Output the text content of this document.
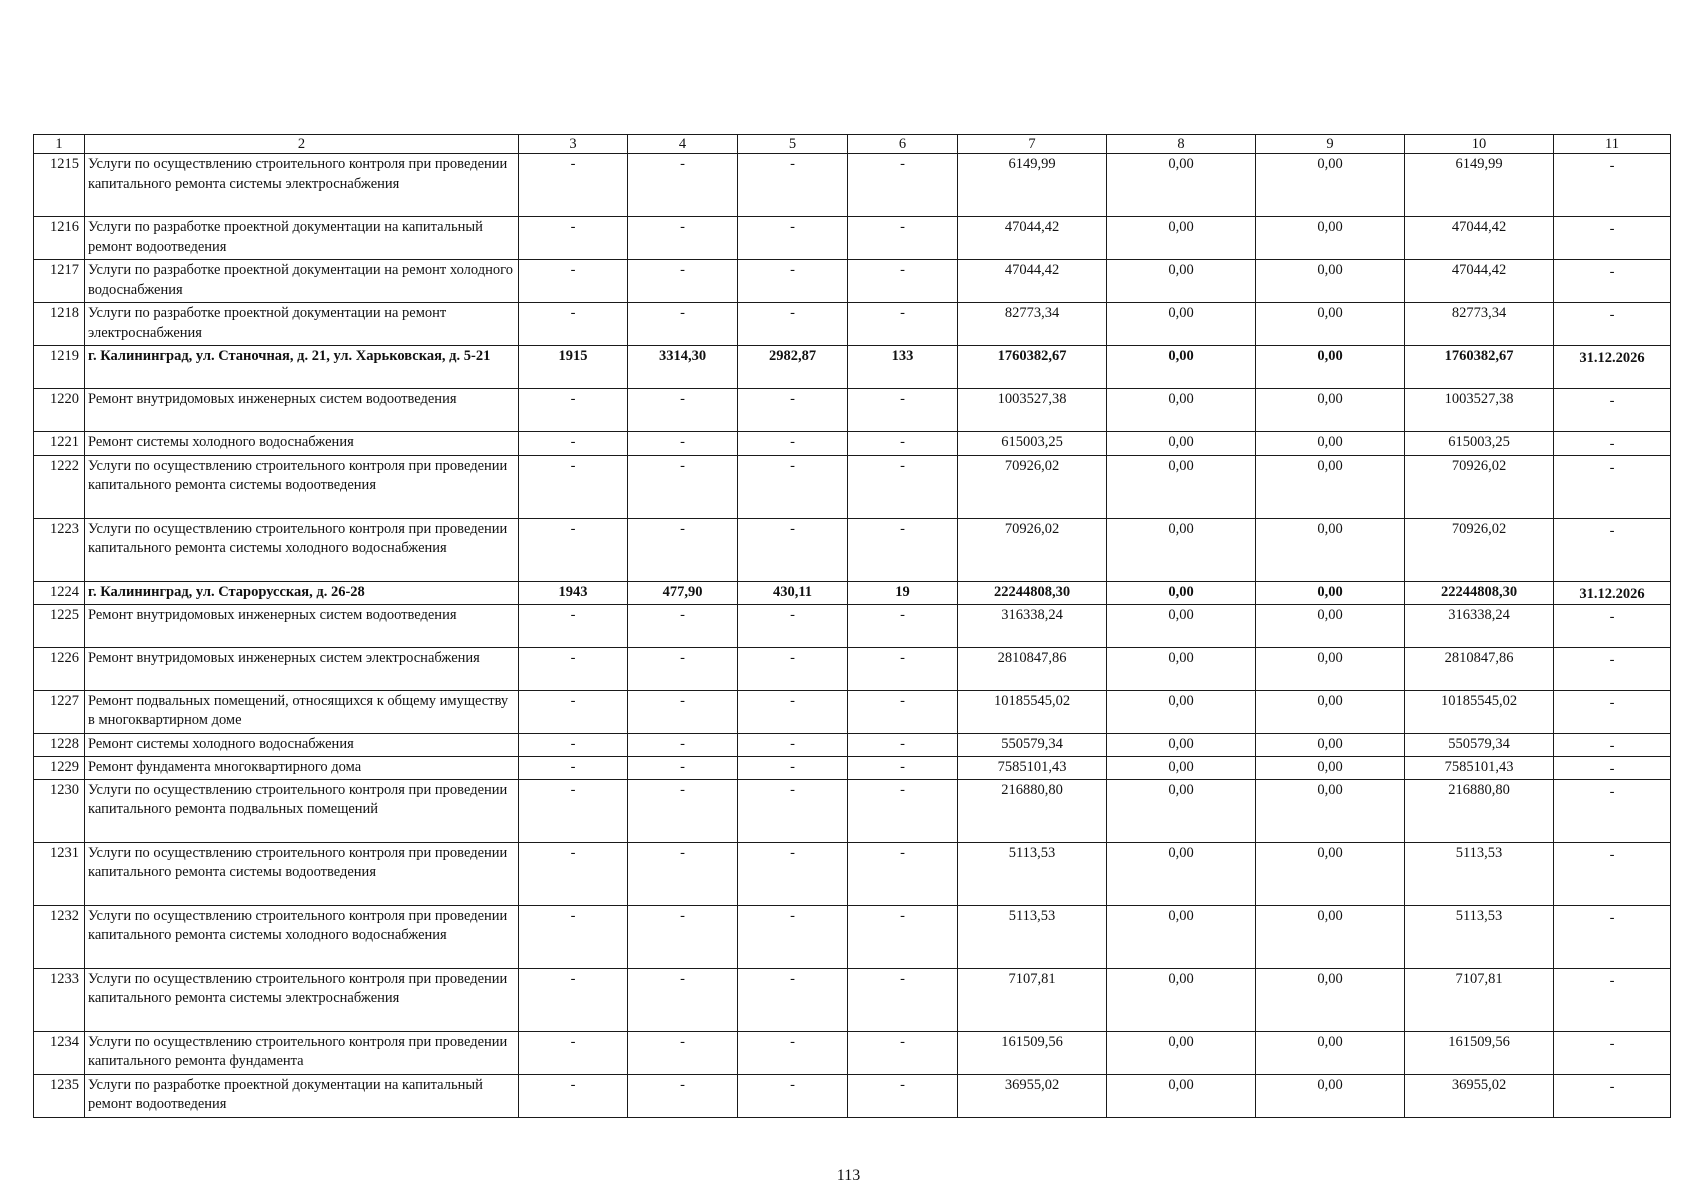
1	2	3	4	5	6	7	8	9	10	11
1215	Услуги по осуществлению строительного контроля при проведении капитального ремонта системы электроснабжения	-	-	-	-	6149,99	0,00	0,00	6149,99	-
1216	Услуги по разработке проектной документации на капитальный ремонт водоотведения	-	-	-	-	47044,42	0,00	0,00	47044,42	-
1217	Услуги по разработке проектной документации на ремонт холодного водоснабжения	-	-	-	-	47044,42	0,00	0,00	47044,42	-
1218	Услуги по разработке проектной документации на ремонт электроснабжения	-	-	-	-	82773,34	0,00	0,00	82773,34	-
1219	г. Калининград, ул. Станочная, д. 21, ул. Харьковская, д. 5-21	1915	3314,30	2982,87	133	1760382,67	0,00	0,00	1760382,67	31.12.2026
1220	Ремонт внутридомовых инженерных систем водоотведения	-	-	-	-	1003527,38	0,00	0,00	1003527,38	-
1221	Ремонт системы холодного водоснабжения	-	-	-	-	615003,25	0,00	0,00	615003,25	-
1222	Услуги по осуществлению строительного контроля при проведении капитального ремонта системы водоотведения	-	-	-	-	70926,02	0,00	0,00	70926,02	-
1223	Услуги по осуществлению строительного контроля при проведении капитального ремонта системы холодного водоснабжения	-	-	-	-	70926,02	0,00	0,00	70926,02	-
1224	г. Калининград, ул. Старорусская, д. 26-28	1943	477,90	430,11	19	22244808,30	0,00	0,00	22244808,30	31.12.2026
1225	Ремонт внутридомовых инженерных систем водоотведения	-	-	-	-	316338,24	0,00	0,00	316338,24	-
1226	Ремонт внутридомовых инженерных систем электроснабжения	-	-	-	-	2810847,86	0,00	0,00	2810847,86	-
1227	Ремонт подвальных помещений, относящихся к общему имуществу в многоквартирном доме	-	-	-	-	10185545,02	0,00	0,00	10185545,02	-
1228	Ремонт системы холодного водоснабжения	-	-	-	-	550579,34	0,00	0,00	550579,34	-
1229	Ремонт фундамента многоквартирного дома	-	-	-	-	7585101,43	0,00	0,00	7585101,43	-
1230	Услуги по осуществлению строительного контроля при проведении капитального ремонта подвальных помещений	-	-	-	-	216880,80	0,00	0,00	216880,80	-
1231	Услуги по осуществлению строительного контроля при проведении капитального ремонта системы водоотведения	-	-	-	-	5113,53	0,00	0,00	5113,53	-
1232	Услуги по осуществлению строительного контроля при проведении капитального ремонта системы холодного водоснабжения	-	-	-	-	5113,53	0,00	0,00	5113,53	-
1233	Услуги по осуществлению строительного контроля при проведении капитального ремонта системы электроснабжения	-	-	-	-	7107,81	0,00	0,00	7107,81	-
1234	Услуги по осуществлению строительного контроля при проведении капитального ремонта фундамента	-	-	-	-	161509,56	0,00	0,00	161509,56	-
1235	Услуги по разработке проектной документации на капитальный ремонт водоотведения	-	-	-	-	36955,02	0,00	0,00	36955,02	-
113
